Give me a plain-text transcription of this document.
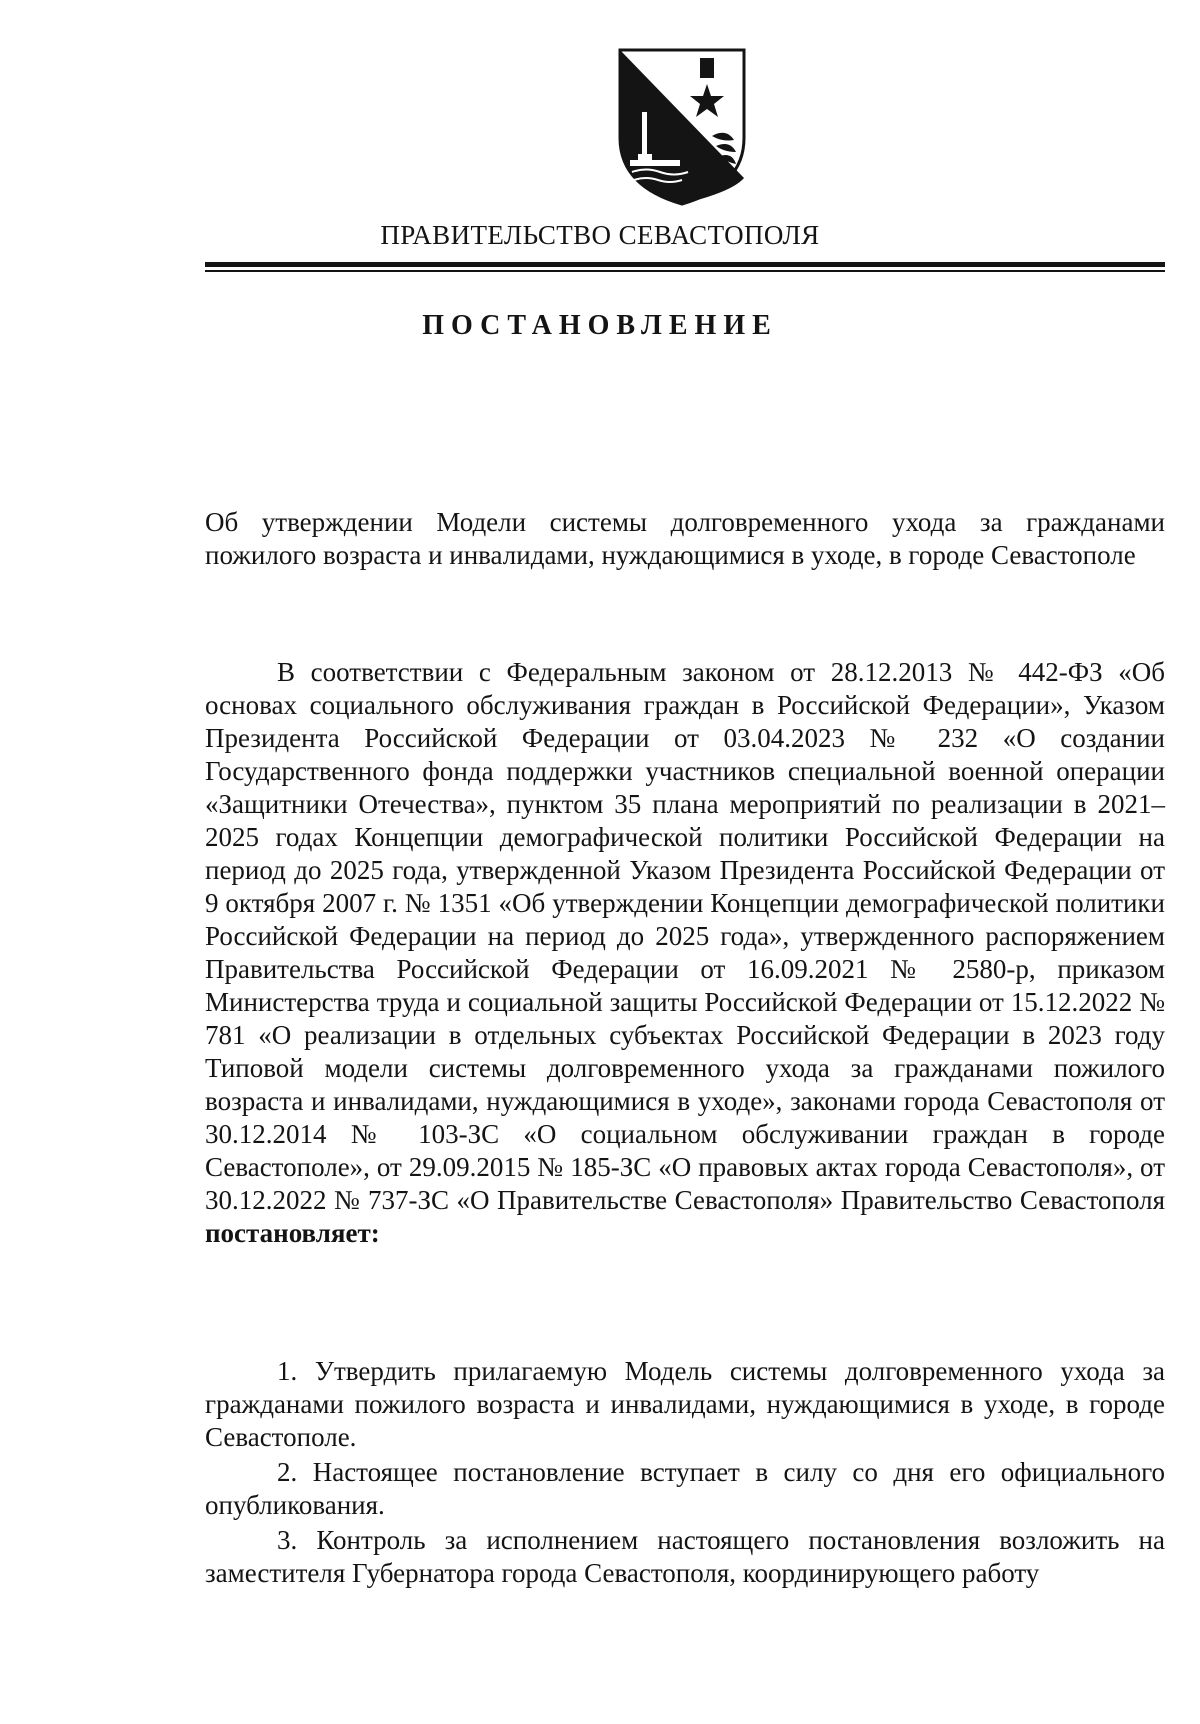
ПРАВИТЕЛЬСТВО СЕВАСТОПОЛЯ
ПОСТАНОВЛЕНИЕ
Об утверждении Модели системы долговременного ухода за гражданами пожилого возраста и инвалидами, нуждающимися в уходе, в городе Севастополе
В соответствии с Федеральным законом от 28.12.2013 № 442-ФЗ «Об основах социального обслуживания граждан в Российской Федерации», Указом Президента Российской Федерации от 03.04.2023 № 232 «О создании Государственного фонда поддержки участников специальной военной операции «Защитники Отечества», пунктом 35 плана мероприятий по реализации в 2021–2025 годах Концепции демографической политики Российской Федерации на период до 2025 года, утвержденной Указом Президента Российской Федерации от 9 октября 2007 г. № 1351 «Об утверждении Концепции демографической политики Российской Федерации на период до 2025 года», утвержденного распоряжением Правительства Российской Федерации от 16.09.2021 № 2580-р, приказом Министерства труда и социальной защиты Российской Федерации от 15.12.2022 № 781 «О реализации в отдельных субъектах Российской Федерации в 2023 году Типовой модели системы долговременного ухода за гражданами пожилого возраста и инвалидами, нуждающимися в уходе», законами города Севастополя от 30.12.2014 № 103-ЗС «О социальном обслуживании граждан в городе Севастополе», от 29.09.2015 № 185-ЗС «О правовых актах города Севастополя», от 30.12.2022 № 737-ЗС «О Правительстве Севастополя» Правительство Севастополя постановляет:

1. Утвердить прилагаемую Модель системы долговременного ухода за гражданами пожилого возраста и инвалидами, нуждающимися в уходе, в городе Севастополе.

2. Настоящее постановление вступает в силу со дня его официального опубликования.

3. Контроль за исполнением настоящего постановления возложить на заместителя Губернатора города Севастополя, координирующего работу
